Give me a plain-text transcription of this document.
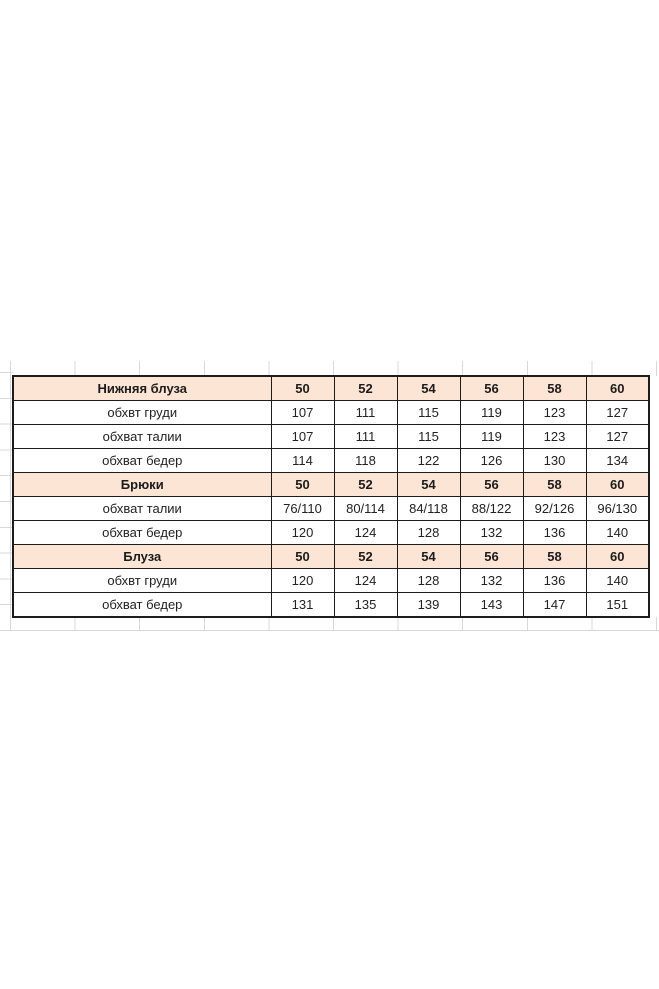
Нижняя блуза	50	52	54	56	58	60
обхвт груди	107	111	115	119	123	127
обхват талии	107	111	115	119	123	127
обхват бедер	114	118	122	126	130	134
Брюки	50	52	54	56	58	60
обхват талии	76/110	80/114	84/118	88/122	92/126	96/130
обхват бедер	120	124	128	132	136	140
Блуза	50	52	54	56	58	60
обхвт груди	120	124	128	132	136	140
обхват бедер	131	135	139	143	147	151
